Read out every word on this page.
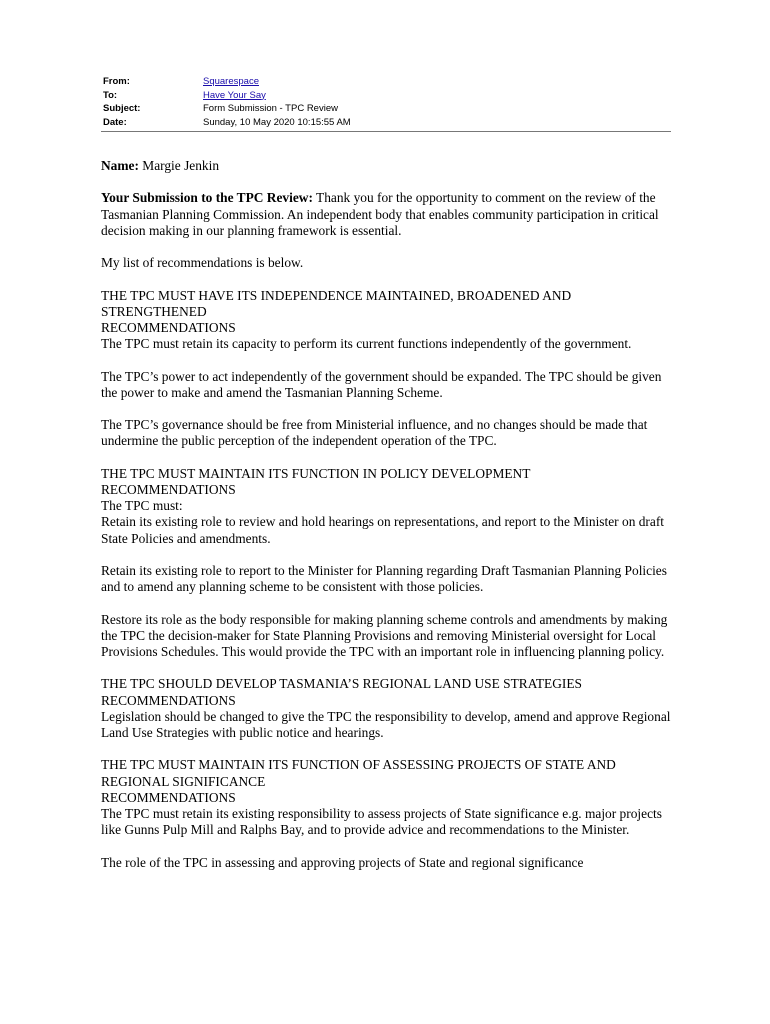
From:	Squarespace
To:	Have Your Say
Subject:	Form Submission - TPC Review
Date:	Sunday, 10 May 2020 10:15:55 AM

Name: Margie Jenkin

Your Submission to the TPC Review: Thank you for the opportunity to comment on the review of the Tasmanian Planning Commission. An independent body that enables community participation in critical decision making in our planning framework is essential.

My list of recommendations is below.

THE TPC MUST HAVE ITS INDEPENDENCE MAINTAINED, BROADENED AND STRENGTHENED
RECOMMENDATIONS

The TPC must retain its capacity to perform its current functions independently of the government.

The TPC’s power to act independently of the government should be expanded. The TPC should be given the power to make and amend the Tasmanian Planning Scheme.

The TPC’s governance should be free from Ministerial influence, and no changes should be made that undermine the public perception of the independent operation of the TPC.

THE TPC MUST MAINTAIN ITS FUNCTION IN POLICY DEVELOPMENT
RECOMMENDATIONS
The TPC must:

Retain its existing role to review and hold hearings on representations, and report to the Minister on draft State Policies and amendments.

Retain its existing role to report to the Minister for Planning regarding Draft Tasmanian Planning Policies and to amend any planning scheme to be consistent with those policies.

Restore its role as the body responsible for making planning scheme controls and amendments by making the TPC the decision-maker for State Planning Provisions and removing Ministerial oversight for Local Provisions Schedules. This would provide the TPC with an important role in influencing planning policy.

THE TPC SHOULD DEVELOP TASMANIA’S REGIONAL LAND USE STRATEGIES
RECOMMENDATIONS

Legislation should be changed to give the TPC the responsibility to develop, amend and approve Regional Land Use Strategies with public notice and hearings.

THE TPC MUST MAINTAIN ITS FUNCTION OF ASSESSING PROJECTS OF STATE AND REGIONAL SIGNIFICANCE
RECOMMENDATIONS

The TPC must retain its existing responsibility to assess projects of State significance e.g. major projects like Gunns Pulp Mill and Ralphs Bay, and to provide advice and recommendations to the Minister.

The role of the TPC in assessing and approving projects of State and regional significance
